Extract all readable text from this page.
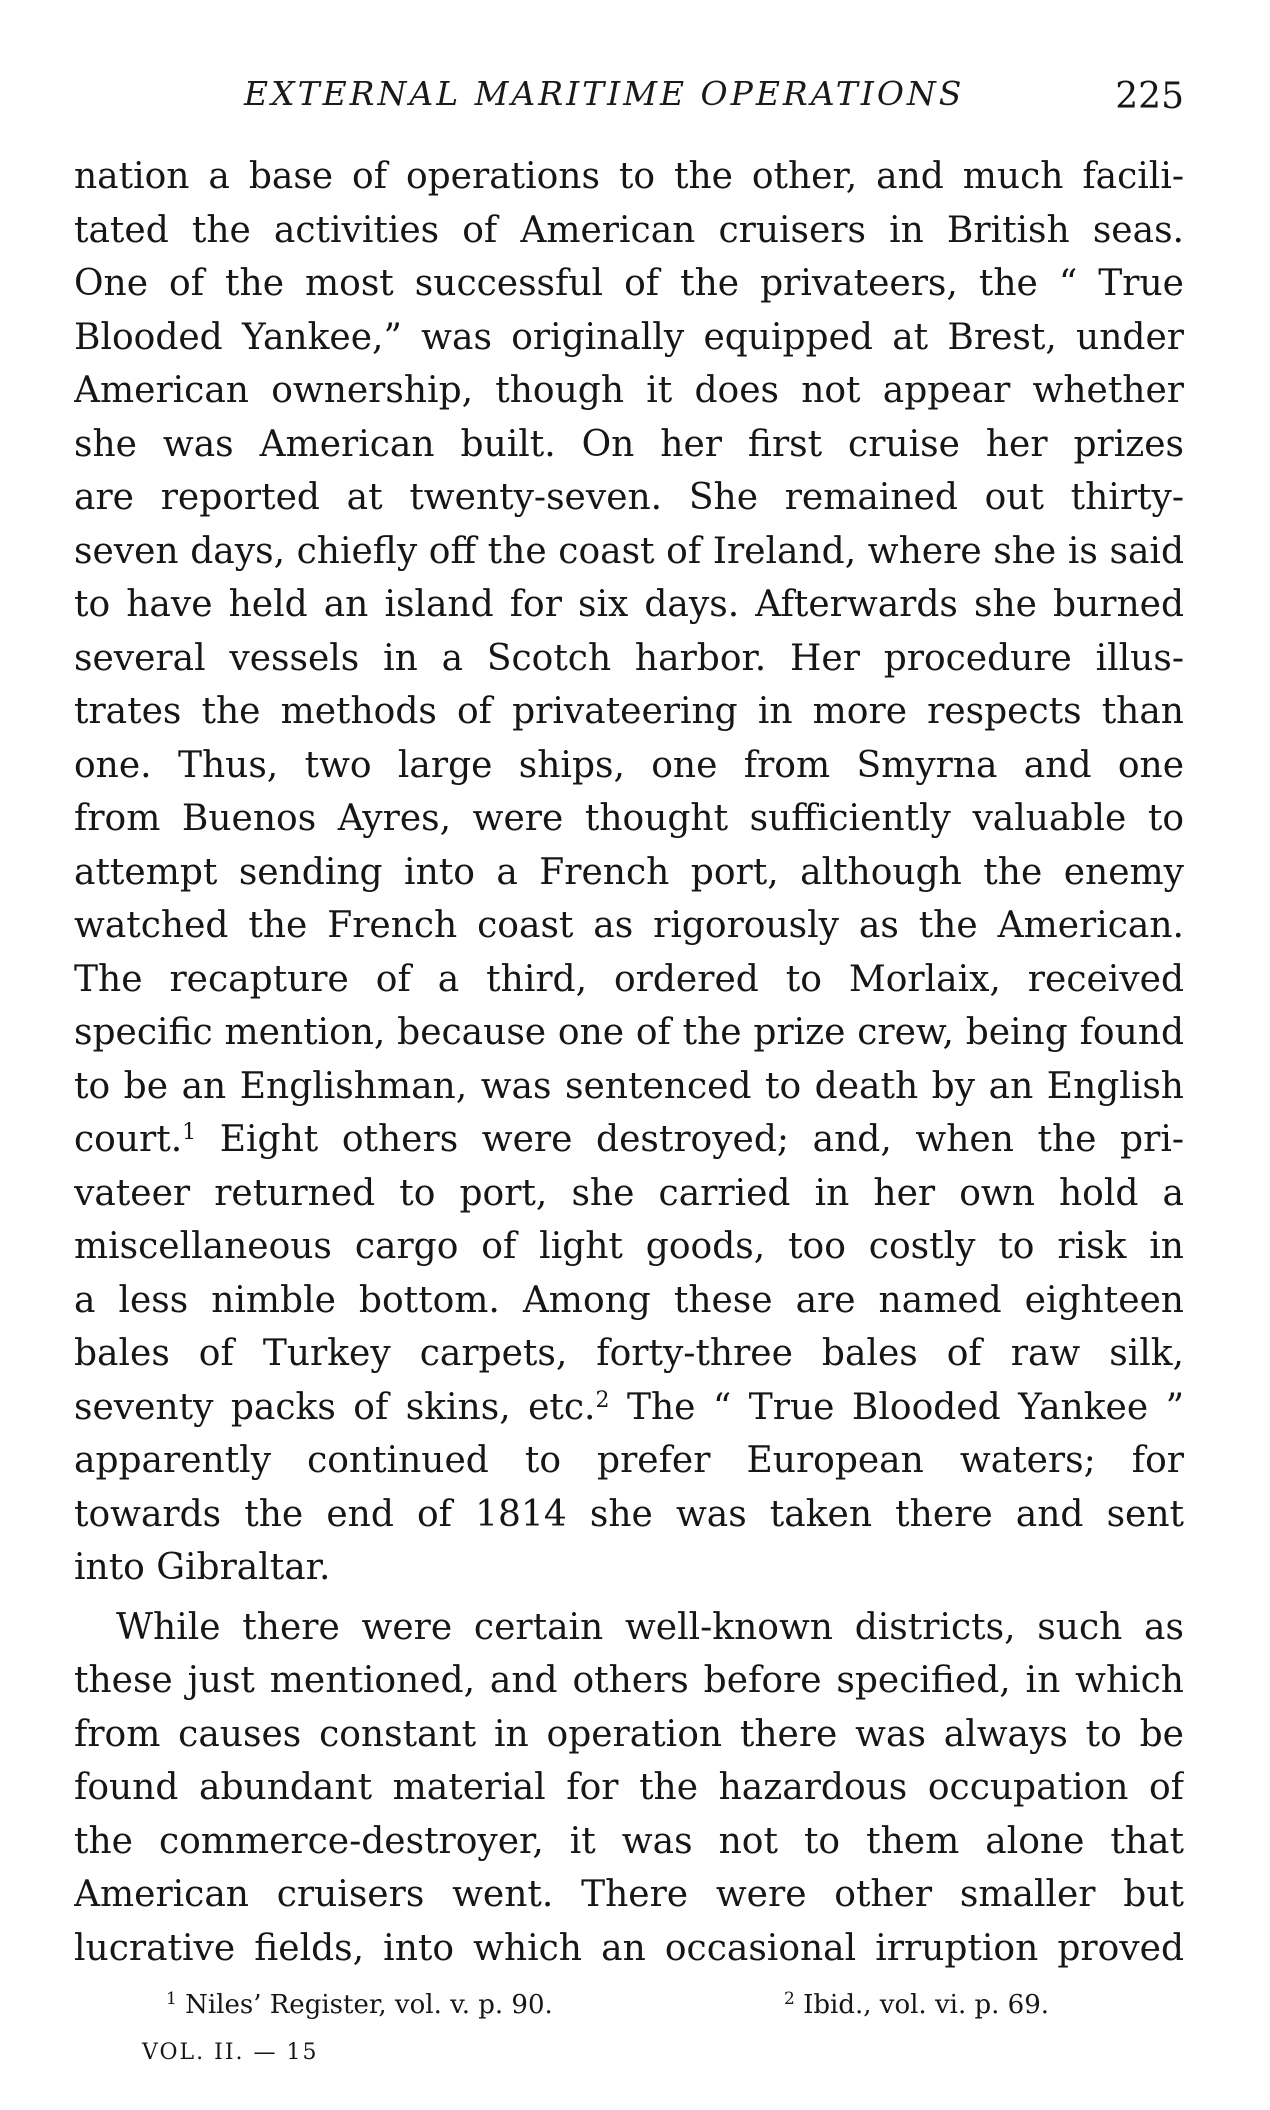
EXTERNAL MARITIME OPERATIONS	225
nation a base of operations to the other, and much facili-
tated the activities of American cruisers in British seas.
One of the most successful of the privateers, the “ True
Blooded Yankee,” was originally equipped at Brest, under
American ownership, though it does not appear whether
she was American built. On her first cruise her prizes
are reported at twenty-seven. She remained out thirty-
seven days, chiefly off the coast of Ireland, where she is said
to have held an island for six days. Afterwards she burned
several vessels in a Scotch harbor. Her procedure illus-
trates the methods of privateering in more respects than
one. Thus, two large ships, one from Smyrna and one
from Buenos Ayres, were thought sufficiently valuable to
attempt sending into a French port, although the enemy
watched the French coast as rigorously as the American.
The recapture of a third, ordered to Morlaix, received
specific mention, because one of the prize crew, being found
to be an Englishman, was sentenced to death by an English
court.$^1$ Eight others were destroyed; and, when the pri-
vateer returned to port, she carried in her own hold a
miscellaneous cargo of light goods, too costly to risk in
a less nimble bottom. Among these are named eighteen
bales of Turkey carpets, forty-three bales of raw silk,
seventy packs of skins, etc.$^2$ The “ True Blooded Yankee ”
apparently continued to prefer European waters; for
towards the end of 1814 she was taken there and sent
into Gibraltar.
While there were certain well-known districts, such as
these just mentioned, and others before specified, in which
from causes constant in operation there was always to be
found abundant material for the hazardous occupation of
the commerce-destroyer, it was not to them alone that
American cruisers went. There were other smaller but
lucrative fields, into which an occasional irruption proved
$^1$ Niles’ Register, vol. v. p. 90.	$^2$ Ibid., vol. vi. p. 69.
VOL. II. — 15
